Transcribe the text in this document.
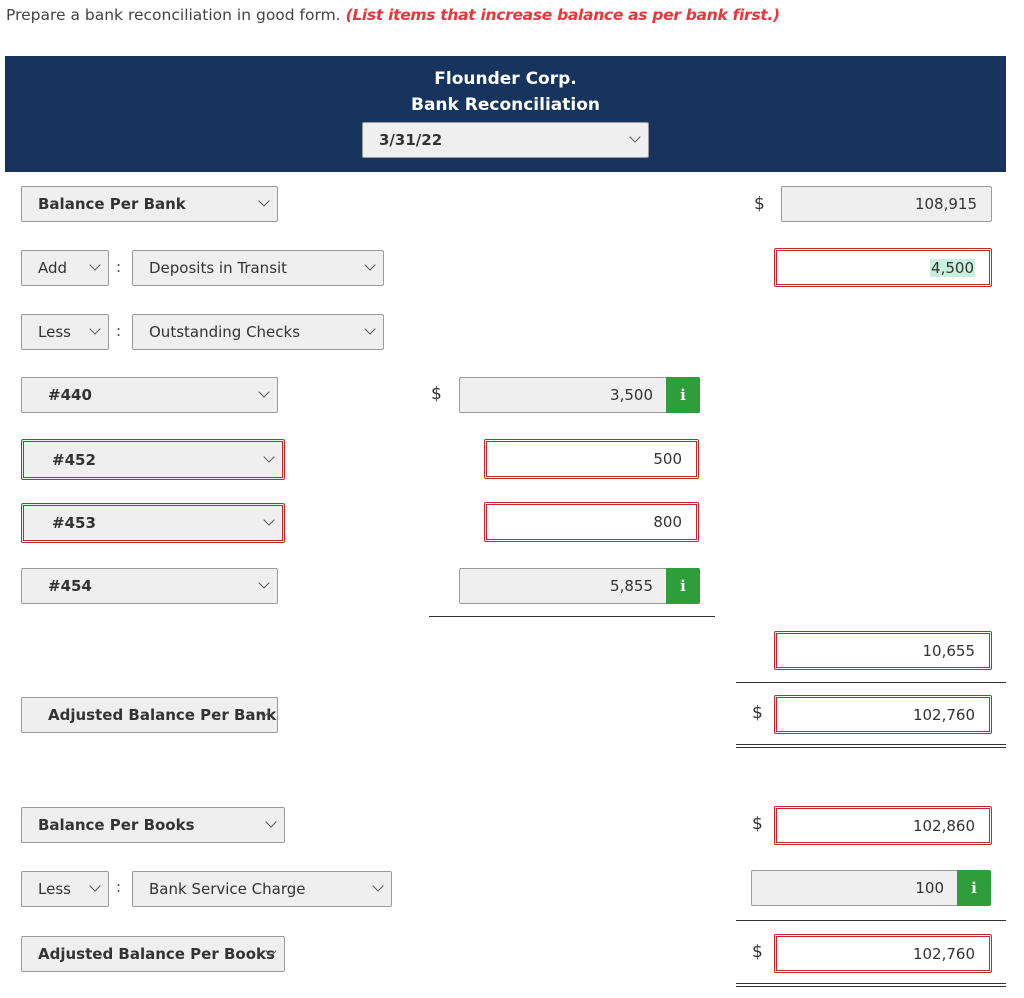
Prepare a bank reconciliation in good form. (List items that increase balance as per bank first.)
Flounder Corp.
Bank Reconciliation
3/31/22
Balance Per Bank	$	108,915
Add	: Deposits in Transit	4,500
Less	: Outstanding Checks
#440	$	3,500	i
#452	500
#453	800
#454	5,855	i
10,655
Adjusted Balance Per Bank	$	102,760
Balance Per Books	$	102,860
Less	: Bank Service Charge	100	i
Adjusted Balance Per Books	$	102,760
